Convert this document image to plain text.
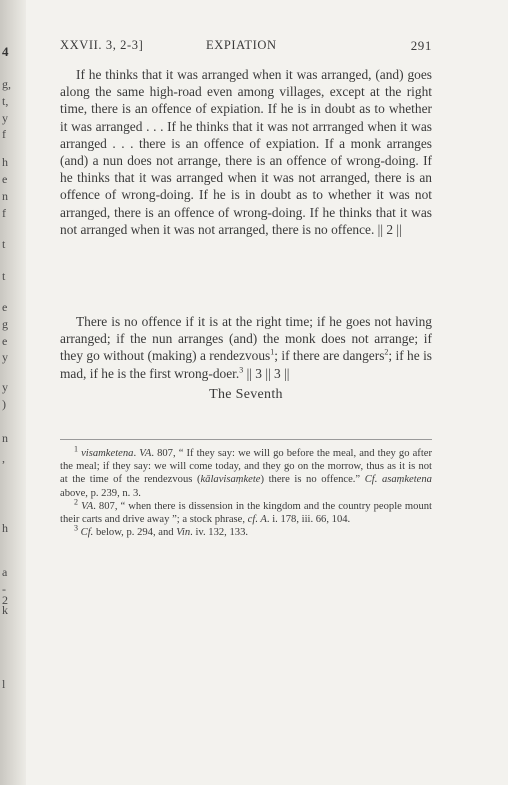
4
g,
t,
y
f
h
e
n
f
t
t
e
g
e
y
y
)
n
,
h
a
-
2
k
l
XXVII. 3, 2-3]	EXPIATION	291

If he thinks that it was arranged when it was arranged, (and) goes along the same high-road even among villages, except at the right time, there is an offence of expiation. If he is in doubt as to whether it was arranged . . . If he thinks that it was not arrranged when it was arranged . . . there is an offence of expiation. If a monk arranges (and) a nun does not arrange, there is an offence of wrong-doing. If he thinks that it was arranged when it was not arranged, there is an offence of wrong-doing. If he is in doubt as to whether it was not arranged, there is an offence of wrong-doing. If he thinks that it was not arranged when it was not arranged, there is no offence. || 2 ||

There is no offence if it is at the right time; if he goes not having arranged; if the nun arranges (and) the monk does not arrange; if they go without (making) a rendezvous$^1$; if there are dangers$^2$; if he is mad, if he is the first wrong-doer.$^3$ || 3 || 3 ||

The Seventh

$^1$ visamketena. VA. 807, “ If they say: we will go before the meal, and they go after the meal; if they say: we will come today, and they go on the morrow, thus as it is not at the time of the rendezvous (kālavisaṃkete) there is no offence.” Cf. asaṃketena above, p. 239, n. 3.

$^2$ VA. 807, “ when there is dissension in the kingdom and the country people mount their carts and drive away ”; a stock phrase, cf. A. i. 178, iii. 66, 104.

$^3$ Cf. below, p. 294, and Vin. iv. 132, 133.
